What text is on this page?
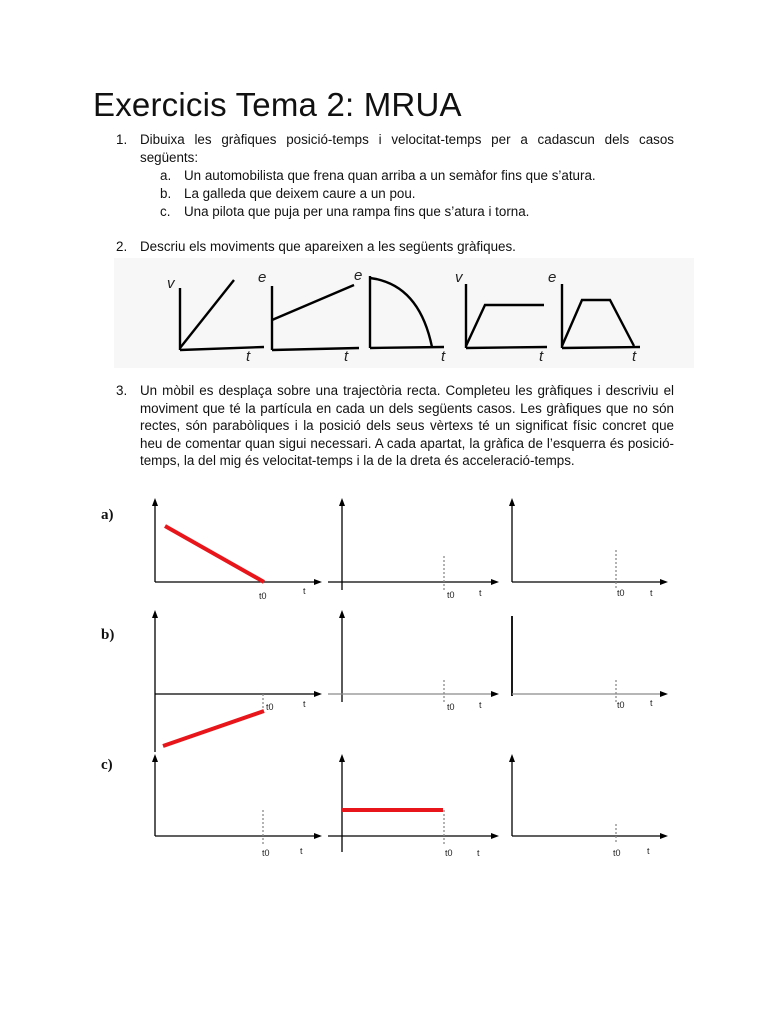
Exercicis Tema 2: MRUA
1. Dibuixa les gràfiques posició-temps i velocitat-temps per a cadascun dels casos següents:
a. Un automobilista que frena quan arriba a un semàfor fins que s’atura.
b. La galleda que deixem caure a un pou.
c. Una pilota que puja per una rampa fins que s’atura i torna.
2. Descriu els moviments que apareixen a les següents gràfiques.
v
t
e
t
e
t
v
t
e
t
3. Un mòbil es desplaça sobre una trajectòria recta. Completeu les gràfiques i descriviu el moviment que té la partícula en cada un dels següents casos. Les gràfiques que no són rectes, són parabòliques i la posició dels seus vèrtexs té un significat físic concret que heu de comentar quan sigui necessari. A cada apartat, la gràfica de l’esquerra és posició-temps, la del mig és velocitat-temps i la de la dreta és acceleració-temps.
a)
b)
c)
t0	t	t0	t	t0	t
t0	t	t0	t	t0	t
t0	t	t0	t	t0	t
